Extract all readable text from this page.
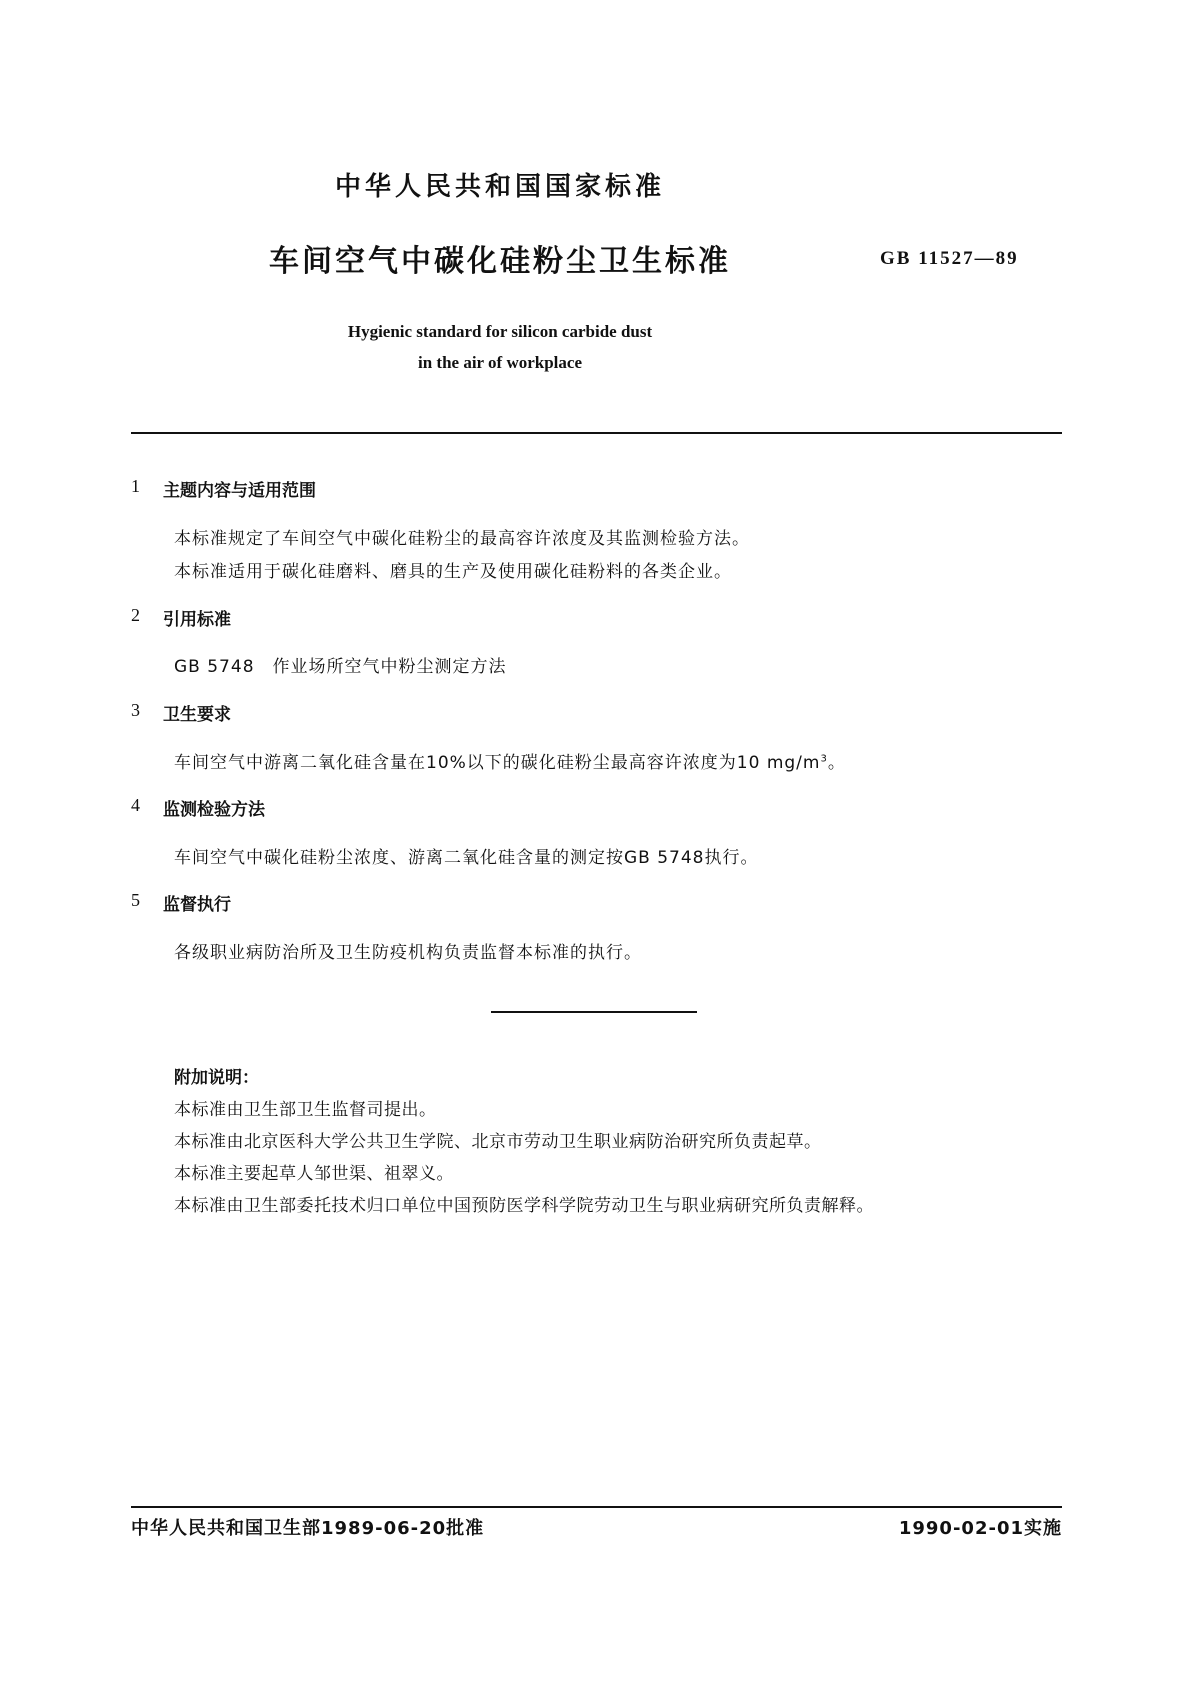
中华人民共和国国家标准
车间空气中碳化硅粉尘卫生标准	GB 11527—89
Hygienic standard for silicon carbide dust
in the air of workplace
1	主题内容与适用范围
本标准规定了车间空气中碳化硅粉尘的最高容许浓度及其监测检验方法。
本标准适用于碳化硅磨料、磨具的生产及使用碳化硅粉料的各类企业。
2	引用标准
GB 5748　作业场所空气中粉尘测定方法
3	卫生要求
车间空气中游离二氧化硅含量在10%以下的碳化硅粉尘最高容许浓度为10 $mg/m^3$。
4	监测检验方法
车间空气中碳化硅粉尘浓度、游离二氧化硅含量的测定按GB 5748执行。
5	监督执行
各级职业病防治所及卫生防疫机构负责监督本标准的执行。
附加说明：
本标准由卫生部卫生监督司提出。
本标准由北京医科大学公共卫生学院、北京市劳动卫生职业病防治研究所负责起草。
本标准主要起草人邹世渠、祖翠义。
本标准由卫生部委托技术归口单位中国预防医学科学院劳动卫生与职业病研究所负责解释。
中华人民共和国卫生部1989-06-20批准	1990-02-01实施
